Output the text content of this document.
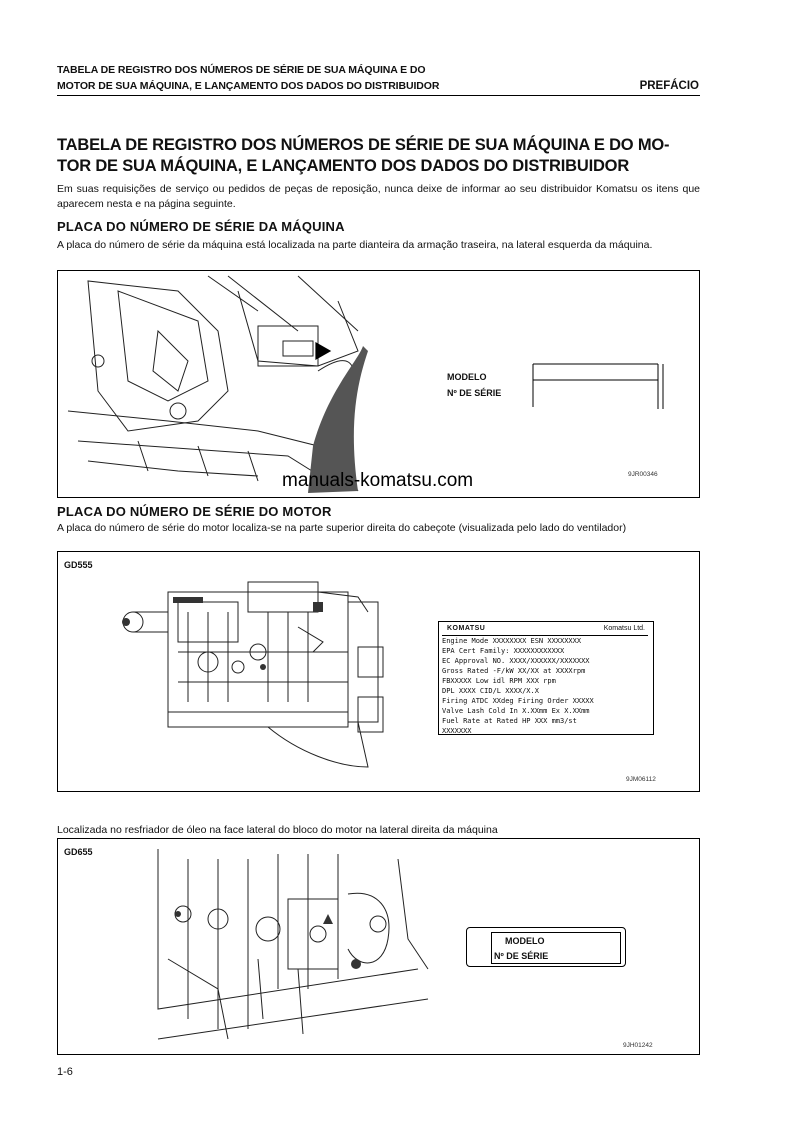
TABELA DE REGISTRO DOS NÚMEROS DE SÉRIE DE SUA MÁQUINA E DO
MOTOR DE SUA MÁQUINA, E LANÇAMENTO DOS DADOS DO DISTRIBUIDOR	PREFÁCIO
TABELA DE REGISTRO DOS NÚMEROS DE SÉRIE DE SUA MÁQUINA E DO MO-
TOR DE SUA MÁQUINA, E LANÇAMENTO DOS DADOS DO DISTRIBUIDOR
Em suas requisições de serviço ou pedidos de peças de reposição, nunca deixe de informar ao seu distribuidor Komatsu os itens que aparecem nesta e na página seguinte.
PLACA DO NÚMERO DE SÉRIE DA MÁQUINA
A placa do número de série da máquina está localizada na parte dianteira da armação traseira, na lateral esquerda da máquina.
MODELO
Nº DE SÉRIE
9JR00346
manuals-komatsu.com
PLACA DO NÚMERO DE SÉRIE DO MOTOR
A placa do número de série do motor localiza-se na parte superior direita do cabeçote (visualizada pelo lado do ventilador)
GD555
KOMATSU	Komatsu Ltd.
Engine Mode XXXXXXXX ESN XXXXXXXX
EPA Cert Family: XXXXXXXXXXXX
EC Approval NO. XXXX/XXXXXX/XXXXXXX
Gross Rated -F/kW XX/XX at XXXXrpm
FBXXXXX Low idl RPM XXX rpm
DPL XXXX CID/L XXXX/X.X
Firing ATDC XXdeg Firing Order XXXXX
Valve Lash Cold In X.XXmm Ex X.XXmm
Fuel Rate at Rated HP XXX mm3/st
XXXXXXX
9JM06112
Localizada no resfriador de óleo na face lateral do bloco do motor na lateral direita da máquina
GD655
MODELO
Nº DE SÉRIE
9JH01242
1-6
